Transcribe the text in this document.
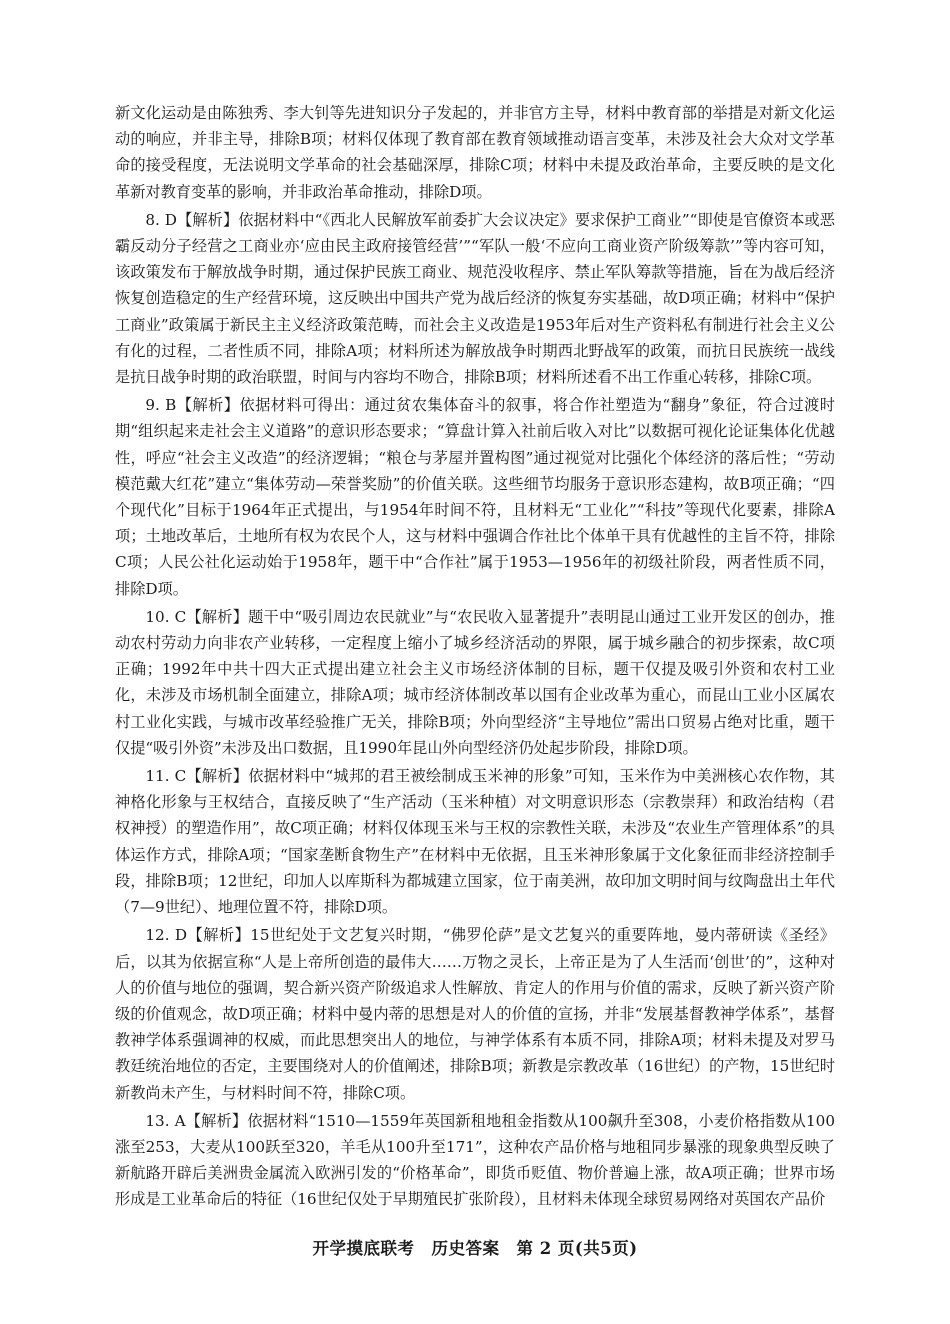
新文化运动是由陈独秀、李大钊等先进知识分子发起的，并非官方主导，材料中教育部的举措是对新文化运动的响应，并非主导，排除B项；材料仅体现了教育部在教育领域推动语言变革，未涉及社会大众对文学革命的接受程度，无法说明文学革命的社会基础深厚，排除C项；材料中未提及政治革命，主要反映的是文化革新对教育变革的影响，并非政治革命推动，排除D项。

8. D【解析】依据材料中“《西北人民解放军前委扩大会议决定》要求保护工商业”“即使是官僚资本或恶霸反动分子经营之工商业亦‘应由民主政府接管经营’”“军队一般‘不应向工商业资产阶级筹款’”等内容可知，该政策发布于解放战争时期，通过保护民族工商业、规范没收程序、禁止军队筹款等措施，旨在为战后经济恢复创造稳定的生产经营环境，这反映出中国共产党为战后经济的恢复夯实基础，故D项正确；材料中“保护工商业”政策属于新民主主义经济政策范畴，而社会主义改造是1953年后对生产资料私有制进行社会主义公有化的过程，二者性质不同，排除A项；材料所述为解放战争时期西北野战军的政策，而抗日民族统一战线是抗日战争时期的政治联盟，时间与内容均不吻合，排除B项；材料所述看不出工作重心转移，排除C项。

9. B【解析】依据材料可得出：通过贫农集体奋斗的叙事，将合作社塑造为“翻身”象征，符合过渡时期“组织起来走社会主义道路”的意识形态要求；“算盘计算入社前后收入对比”以数据可视化论证集体化优越性，呼应“社会主义改造”的经济逻辑；“粮仓与茅屋并置构图”通过视觉对比强化个体经济的落后性；“劳动模范戴大红花”建立“集体劳动—荣誉奖励”的价值关联。这些细节均服务于意识形态建构，故B项正确；“四个现代化”目标于1964年正式提出，与1954年时间不符，且材料无“工业化”“科技”等现代化要素，排除A项；土地改革后，土地所有权为农民个人，这与材料中强调合作社比个体单干具有优越性的主旨不符，排除C项；人民公社化运动始于1958年，题干中“合作社”属于1953—1956年的初级社阶段，两者性质不同，排除D项。

10. C【解析】题干中“吸引周边农民就业”与“农民收入显著提升”表明昆山通过工业开发区的创办，推动农村劳动力向非农产业转移，一定程度上缩小了城乡经济活动的界限，属于城乡融合的初步探索，故C项正确；1992年中共十四大正式提出建立社会主义市场经济体制的目标，题干仅提及吸引外资和农村工业化，未涉及市场机制全面建立，排除A项；城市经济体制改革以国有企业改革为重心，而昆山工业小区属农村工业化实践，与城市改革经验推广无关，排除B项；外向型经济“主导地位”需出口贸易占绝对比重，题干仅提“吸引外资”未涉及出口数据，且1990年昆山外向型经济仍处起步阶段，排除D项。

11. C【解析】依据材料中“城邦的君王被绘制成玉米神的形象”可知，玉米作为中美洲核心农作物，其神格化形象与王权结合，直接反映了“生产活动（玉米种植）对文明意识形态（宗教崇拜）和政治结构（君权神授）的塑造作用”，故C项正确；材料仅体现玉米与王权的宗教性关联，未涉及“农业生产管理体系”的具体运作方式，排除A项；“国家垄断食物生产”在材料中无依据，且玉米神形象属于文化象征而非经济控制手段，排除B项；12世纪，印加人以库斯科为都城建立国家，位于南美洲，故印加文明时间与纹陶盘出土年代（7—9世纪）、地理位置不符，排除D项。

12. D【解析】15世纪处于文艺复兴时期，“佛罗伦萨”是文艺复兴的重要阵地，曼内蒂研读《圣经》后，以其为依据宣称“人是上帝所创造的最伟大……万物之灵长，上帝正是为了人生活而‘创世’的”，这种对人的价值与地位的强调，契合新兴资产阶级追求人性解放、肯定人的作用与价值的需求，反映了新兴资产阶级的价值观念，故D项正确；材料中曼内蒂的思想是对人的价值的宣扬，并非“发展基督教神学体系”，基督教神学体系强调神的权威，而此思想突出人的地位，与神学体系有本质不同，排除A项；材料未提及对罗马教廷统治地位的否定，主要围绕对人的价值阐述，排除B项；新教是宗教改革（16世纪）的产物，15世纪时新教尚未产生，与材料时间不符，排除C项。

13. A【解析】依据材料“1510—1559年英国新租地租金指数从100飙升至308，小麦价格指数从100涨至253，大麦从100跃至320，羊毛从100升至171”，这种农产品价格与地租同步暴涨的现象典型反映了新航路开辟后美洲贵金属流入欧洲引发的“价格革命”，即货币贬值、物价普遍上涨，故A项正确；世界市场形成是工业革命后的特征（16世纪仅处于早期殖民扩张阶段），且材料未体现全球贸易网络对英国农产品价

开学摸底联考　历史答案　第 2 页(共5页)
